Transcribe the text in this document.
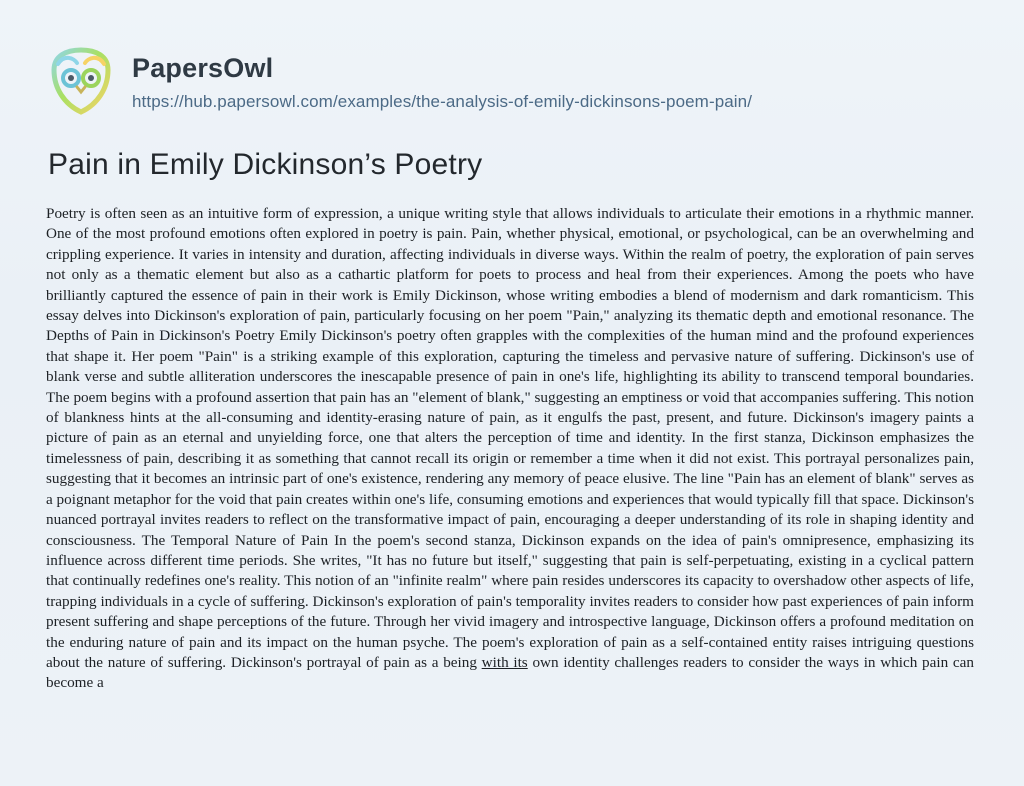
PapersOwl
https://hub.papersowl.com/examples/the-analysis-of-emily-dickinsons-poem-pain/
Pain in Emily Dickinson’s Poetry

Poetry is often seen as an intuitive form of expression, a unique writing style that allows individuals to articulate their emotions in a rhythmic manner. One of the most profound emotions often explored in poetry is pain. Pain, whether physical, emotional, or psychological, can be an overwhelming and crippling experience. It varies in intensity and duration, affecting individuals in diverse ways. Within the realm of poetry, the exploration of pain serves not only as a thematic element but also as a cathartic platform for poets to process and heal from their experiences. Among the poets who have brilliantly captured the essence of pain in their work is Emily Dickinson, whose writing embodies a blend of modernism and dark romanticism. This essay delves into Dickinson's exploration of pain, particularly focusing on her poem "Pain," analyzing its thematic depth and emotional resonance. The Depths of Pain in Dickinson's Poetry Emily Dickinson's poetry often grapples with the complexities of the human mind and the profound experiences that shape it. Her poem "Pain" is a striking example of this exploration, capturing the timeless and pervasive nature of suffering. Dickinson's use of blank verse and subtle alliteration underscores the inescapable presence of pain in one's life, highlighting its ability to transcend temporal boundaries. The poem begins with a profound assertion that pain has an "element of blank," suggesting an emptiness or void that accompanies suffering. This notion of blankness hints at the all-consuming and identity-erasing nature of pain, as it engulfs the past, present, and future. Dickinson's imagery paints a picture of pain as an eternal and unyielding force, one that alters the perception of time and identity. In the first stanza, Dickinson emphasizes the timelessness of pain, describing it as something that cannot recall its origin or remember a time when it did not exist. This portrayal personalizes pain, suggesting that it becomes an intrinsic part of one's existence, rendering any memory of peace elusive. The line "Pain has an element of blank" serves as a poignant metaphor for the void that pain creates within one's life, consuming emotions and experiences that would typically fill that space. Dickinson's nuanced portrayal invites readers to reflect on the transformative impact of pain, encouraging a deeper understanding of its role in shaping identity and consciousness. The Temporal Nature of Pain In the poem's second stanza, Dickinson expands on the idea of pain's omnipresence, emphasizing its influence across different time periods. She writes, "It has no future but itself," suggesting that pain is self-perpetuating, existing in a cyclical pattern that continually redefines one's reality. This notion of an "infinite realm" where pain resides underscores its capacity to overshadow other aspects of life, trapping individuals in a cycle of suffering. Dickinson's exploration of pain's temporality invites readers to consider how past experiences of pain inform present suffering and shape perceptions of the future. Through her vivid imagery and introspective language, Dickinson offers a profound meditation on the enduring nature of pain and its impact on the human psyche. The poem's exploration of pain as a self-contained entity raises intriguing questions about the nature of suffering. Dickinson's portrayal of pain as a being with its own identity challenges readers to consider the ways in which pain can become a
